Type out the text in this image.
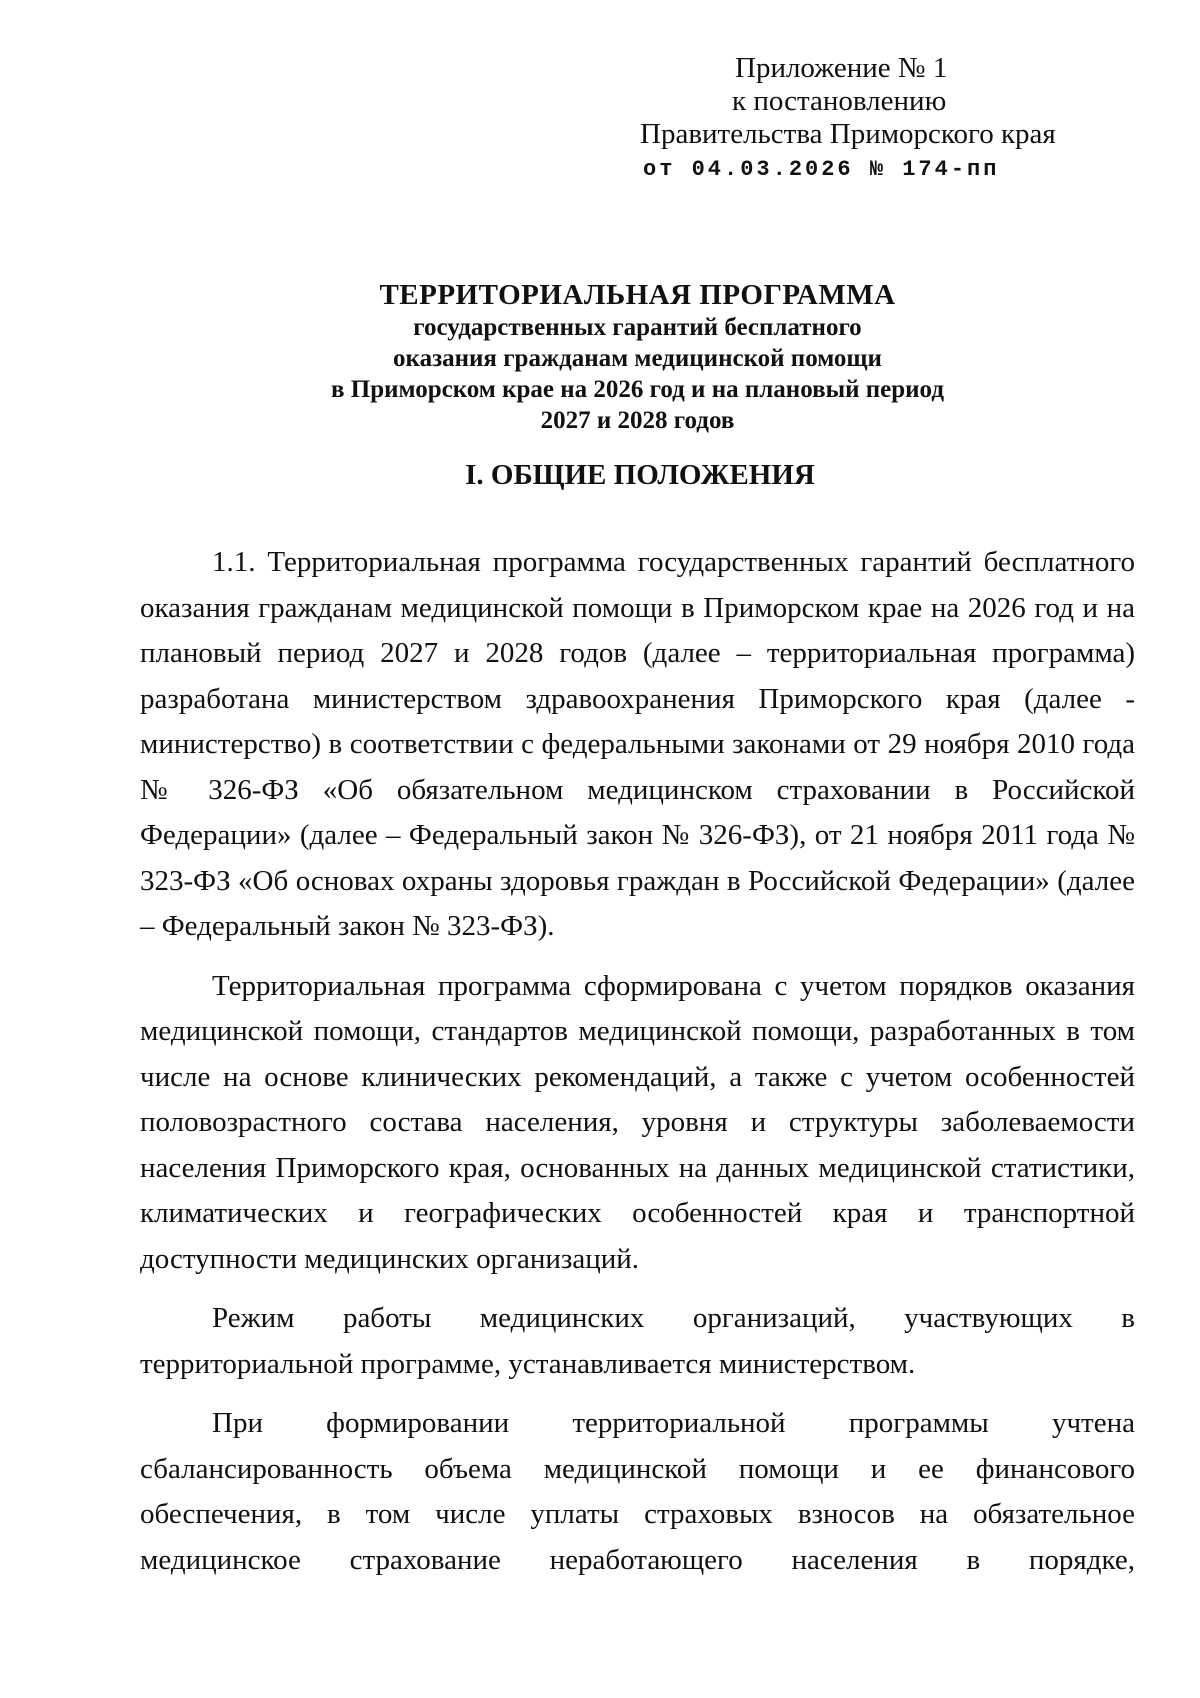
Приложение № 1
к постановлению
Правительства Приморского края
от 04.03.2026 № 174-пп
ТЕРРИТОРИАЛЬНАЯ ПРОГРАММА
государственных гарантий бесплатного
оказания гражданам медицинской помощи
в Приморском крае на 2026 год и на плановый период
2027 и 2028 годов
I. ОБЩИЕ ПОЛОЖЕНИЯ

1.1. Территориальная программа государственных гарантий бесплатного оказания гражданам медицинской помощи в Приморском крае на 2026 год и на плановый период 2027 и 2028 годов (далее – территориальная программа) разработана министерством здравоохранения Приморского края (далее - министерство) в соответствии с федеральными законами от 29 ноября 2010 года № 326-ФЗ «Об обязательном медицинском страховании в Российской Федерации» (далее – Федеральный закон № 326-ФЗ), от 21 ноября 2011 года № 323-ФЗ «Об основах охраны здоровья граждан в Российской Федерации» (далее – Федеральный закон № 323-ФЗ).

Территориальная программа сформирована с учетом порядков оказания медицинской помощи, стандартов медицинской помощи, разработанных в том числе на основе клинических рекомендаций, а также с учетом особенностей половозрастного состава населения, уровня и структуры заболеваемости населения Приморского края, основанных на данных медицинской статистики, климатических и географических особенностей края и транспортной доступности медицинских организаций.

Режим работы медицинских организаций, участвующих в территориальной программе, устанавливается министерством.

При формировании территориальной программы учтена сбалансированность объема медицинской помощи и ее финансового обеспечения, в том числе уплаты страховых взносов на обязательное медицинское страхование неработающего населения в порядке,
